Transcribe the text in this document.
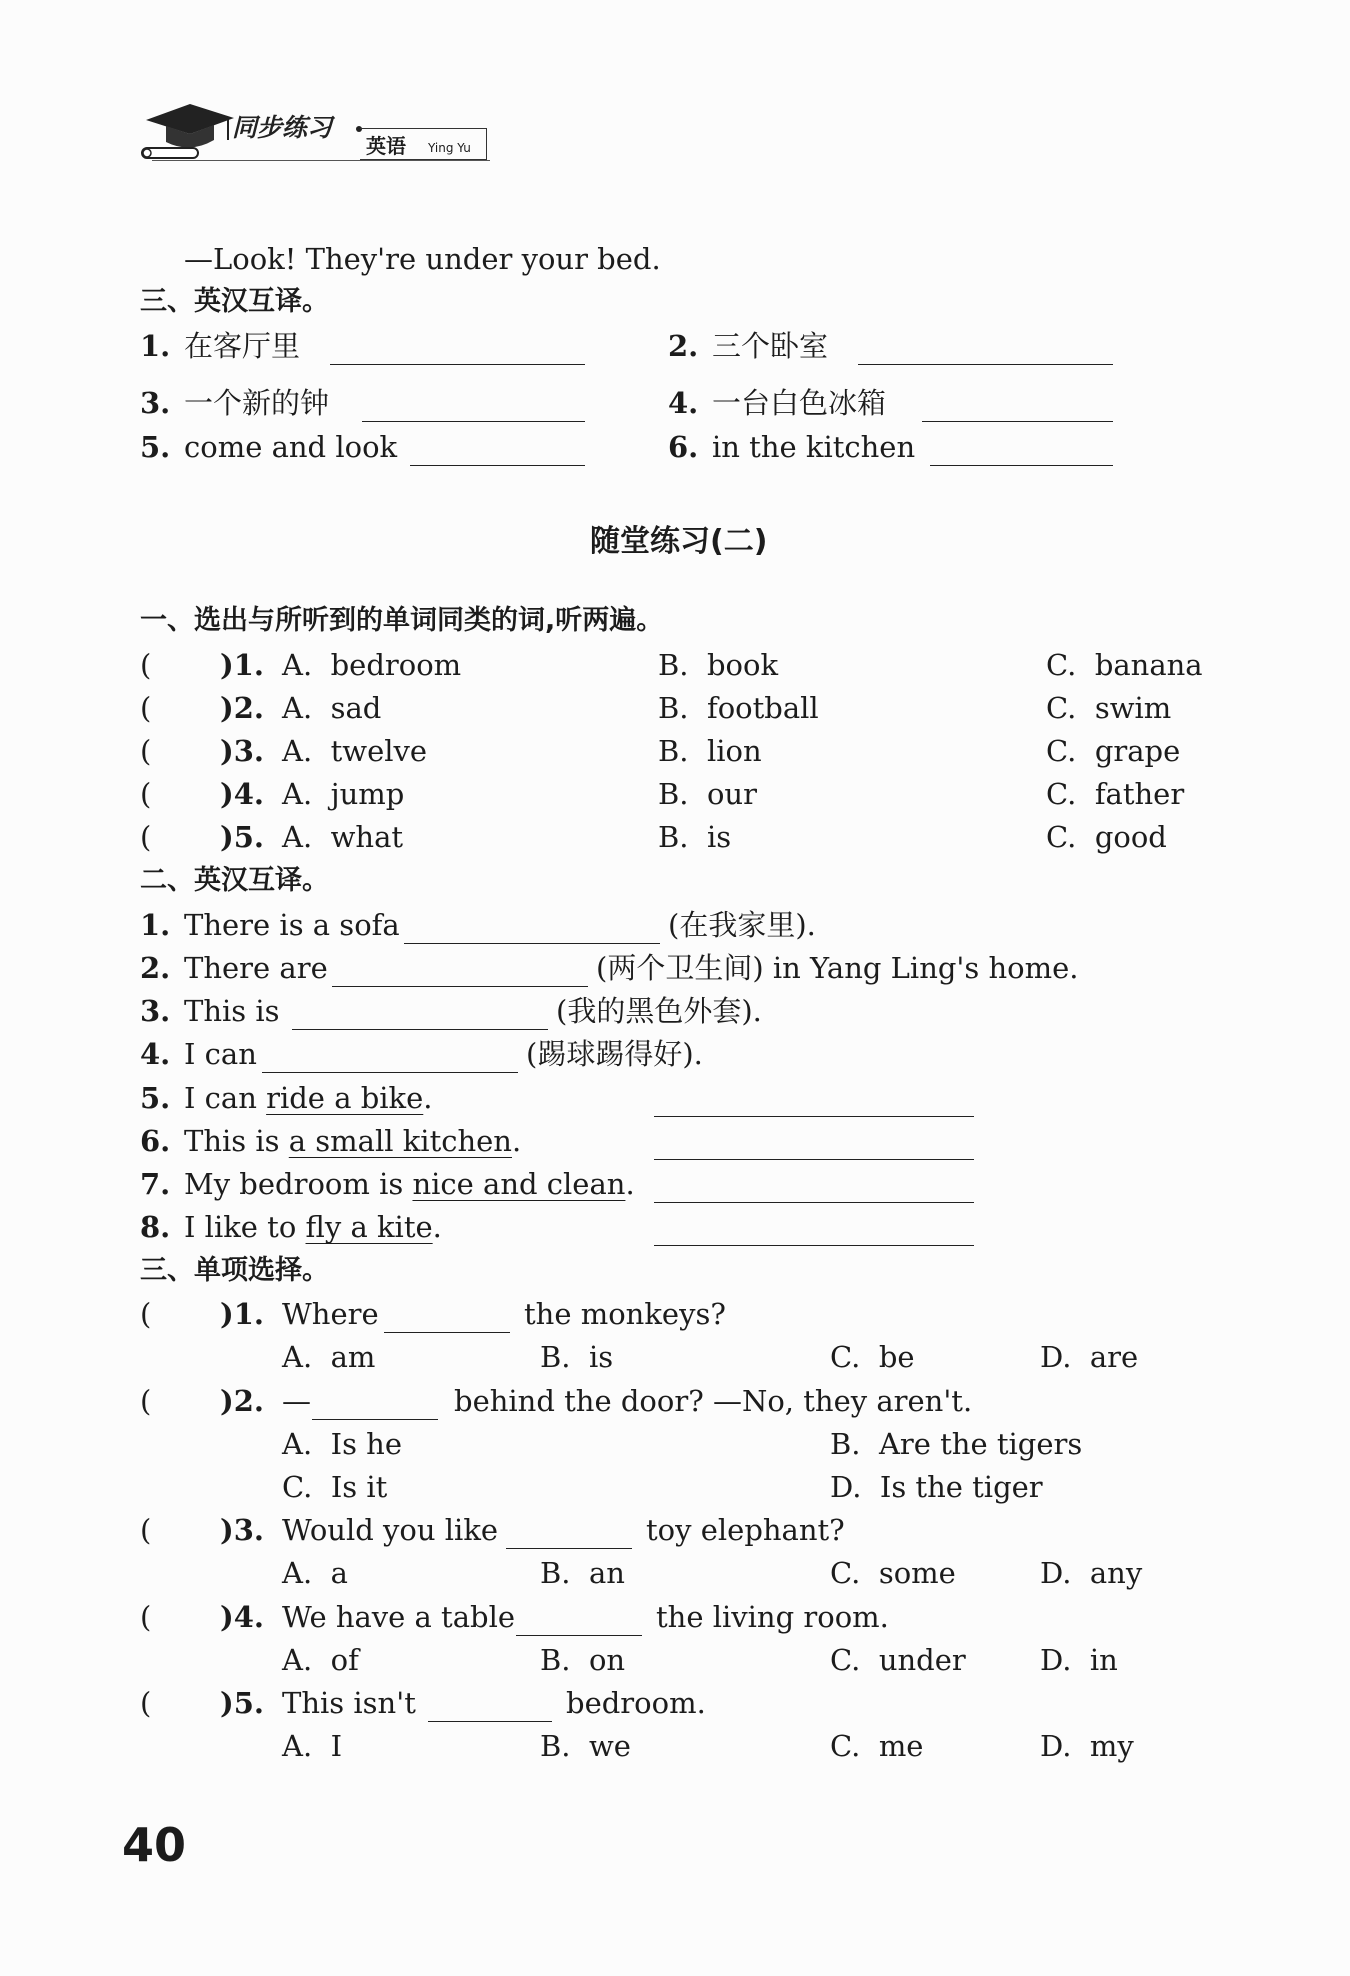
同步练习
英语 Ying Yu
—Look! They're under your bed.
三、英汉互译。
1. 在客厅里	2. 三个卧室
3. 一个新的钟	4. 一台白色冰箱
5. come and look	6. in the kitchen
随堂练习(二)
一、选出与所听到的单词同类的词,听两遍。
( )1. A.  bedroom	B.  book	C.  banana
( )2. A.  sad	B.  football	C.  swim
( )3. A.  twelve	B.  lion	C.  grape
( )4. A.  jump	B.  our	C.  father
( )5. A.  what	B.  is	C.  good
二、英汉互译。
1. There is a sofa	(在我家里).
2. There are	(两个卫生间) in Yang Ling's home.
3. This is	(我的黑色外套).
4. I can	(踢球踢得好).
5. I can ride a bike.
6. This is a small kitchen.
7. My bedroom is nice and clean.
8. I like to fly a kite.
三、单项选择。
( )1. Where	the monkeys?
A. am	B. is	C. be	D. are
( )2. —	behind the door? —No, they aren't.
A. Is he	B. Are the tigers
C. Is it	D. Is the tiger
( )3. Would you like	toy elephant?
A. a	B. an	C. some	D. any
( )4. We have a table	the living room.
A. of	B. on	C. under	D. in
( )5. This isn't	bedroom.
A. I	B. we	C. me	D. my
40
